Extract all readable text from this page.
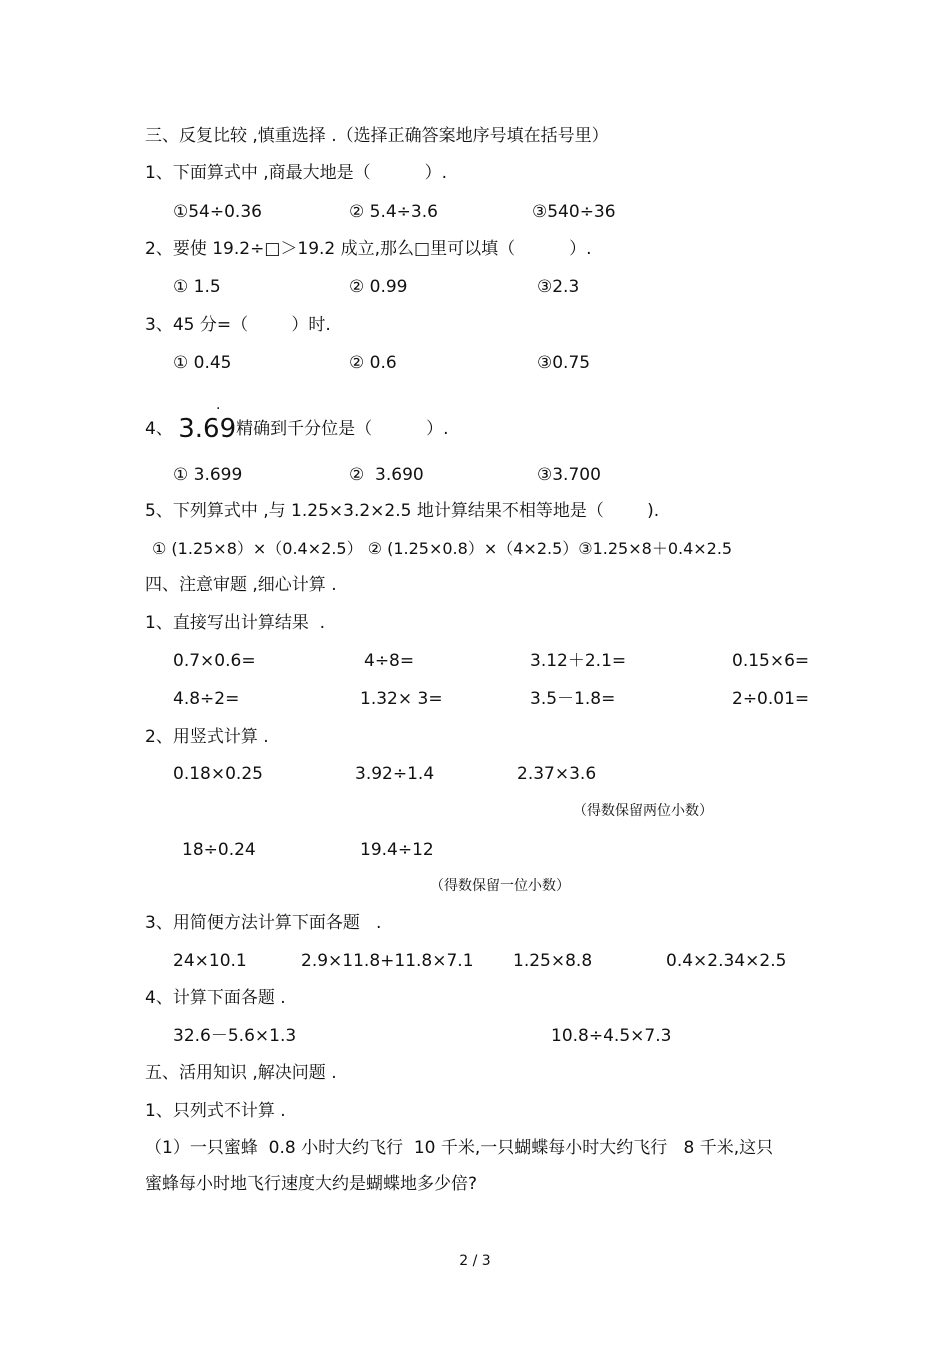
三、反复比较 ,慎重选择 .（选择正确答案地序号填在括号里）
1、下面算式中 ,商最大地是（          ）.
①54÷0.36	② 5.4÷3.6	③540÷36
2、要使 19.2÷□＞19.2 成立,那么□里可以填（          ）.
① 1.5	② 0.99	③2.3
3、45 分=（        ）时.
① 0.45	② 0.6	③0.75
.
4、 3.69精确到千分位是（          ）.
① 3.699	②  3.690	③3.700
5、下列算式中 ,与 1.25×3.2×2.5 地计算结果不相等地是（        ).
① (1.25×8）×（0.4×2.5） ② (1.25×0.8）×（4×2.5）③1.25×8＋0.4×2.5
四、注意审题 ,细心计算 .
1、直接写出计算结果  .
0.7×0.6=	4÷8=	3.12＋2.1=	0.15×6=
4.8÷2=	1.32× 3=	3.5－1.8=	2÷0.01=
2、用竖式计算 .
0.18×0.25	3.92÷1.4	2.37×3.6
（得数保留两位小数）
18÷0.24	19.4÷12
（得数保留一位小数）
3、用简便方法计算下面各题   .
24×10.1	2.9×11.8+11.8×7.1 1.25×8.8	0.4×2.34×2.5
4、计算下面各题 .
32.6－5.6×1.3	10.8÷4.5×7.3
五、活用知识 ,解决问题 .
1、只列式不计算 .
（1）一只蜜蜂  0.8 小时大约飞行  10 千米,一只蝴蝶每小时大约飞行   8 千米,这只
蜜蜂每小时地飞行速度大约是蝴蝶地多少倍?
2 / 3
